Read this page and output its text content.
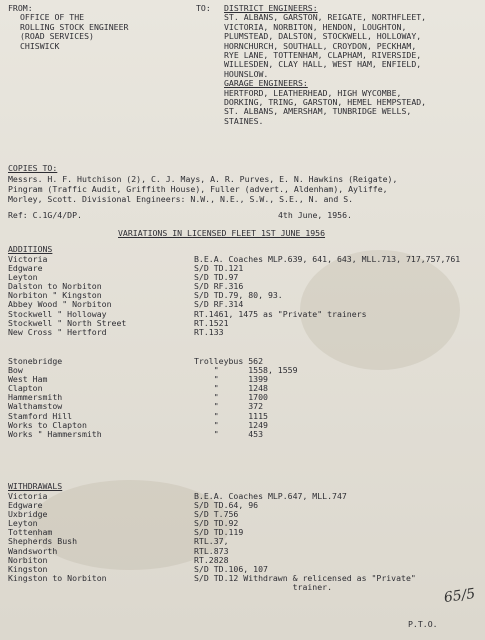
FROM:
OFFICE OF THE
ROLLING STOCK ENGINEER
(ROAD SERVICES)
CHISWICK
TO: DISTRICT ENGINEERS:
ST. ALBANS, GARSTON, REIGATE, NORTHFLEET,
VICTORIA, NORBITON, HENDON, LOUGHTON,
PLUMSTEAD, DALSTON, STOCKWELL, HOLLOWAY,
HORNCHURCH, SOUTHALL, CROYDON, PECKHAM,
RYE LANE, TOTTENHAM, CLAPHAM, RIVERSIDE,
WILLESDEN, CLAY HALL, WEST HAM, ENFIELD,
HOUNSLOW.
GARAGE ENGINEERS:
HERTFORD, LEATHERHEAD, HIGH WYCOMBE,
DORKING, TRING, GARSTON, HEMEL HEMPSTEAD,
ST. ALBANS, AMERSHAM, TUNBRIDGE WELLS,
STAINES.
COPIES TO:
Messrs. H. F. Hutchison (2), C. J. Mays, A. R. Purves, E. N. Hawkins (Reigate),
Pingram (Traffic Audit, Griffith House), Fuller (advert., Aldenham), Ayliffe,
Morley, Scott. Divisional Engineers: N.W., N.E., S.W., S.E., N. and S.
Ref: C.1G/4/DP.	4th June, 1956.
VARIATIONS IN LICENSED FLEET 1ST JUNE 1956
ADDITIONS
Victoria	B.E.A. Coaches MLP.639, 641, 643, MLL.713, 717,757,761
Edgware	S/D TD.121
Leyton	S/D TD.97
Dalston to Norbiton	S/D RF.316
Norbiton " Kingston	S/D TD.79, 80, 93.
Abbey Wood " Norbiton	S/D RF.314
Stockwell " Holloway	RT.1461, 1475 as "Private" trainers
Stockwell " North Street	RT.1521
New Cross " Hertford	RT.133
Stonebridge	Trolleybus 562
Bow	"      1558, 1559
West Ham	"      1399
Clapton	"      1248
Hammersmith	"      1700
Walthamstow	"      372
Stamford Hill	"      1115
Works to Clapton	"      1249
Works " Hammersmith	"      453
WITHDRAWALS
Victoria	B.E.A. Coaches MLP.647, MLL.747
Edgware	S/D TD.64, 96
Uxbridge	S/D T.756
Leyton	S/D TD.92
Tottenham	S/D TD.119
Shepherds Bush	RTL.37,
Wandsworth	RTL.873
Norbiton	RT.2828
Kingston	S/D TD.106, 107
Kingston to Norbiton	S/D TD.12 Withdrawn & relicensed as "Private"
trainer.	65/5
P.T.O.
